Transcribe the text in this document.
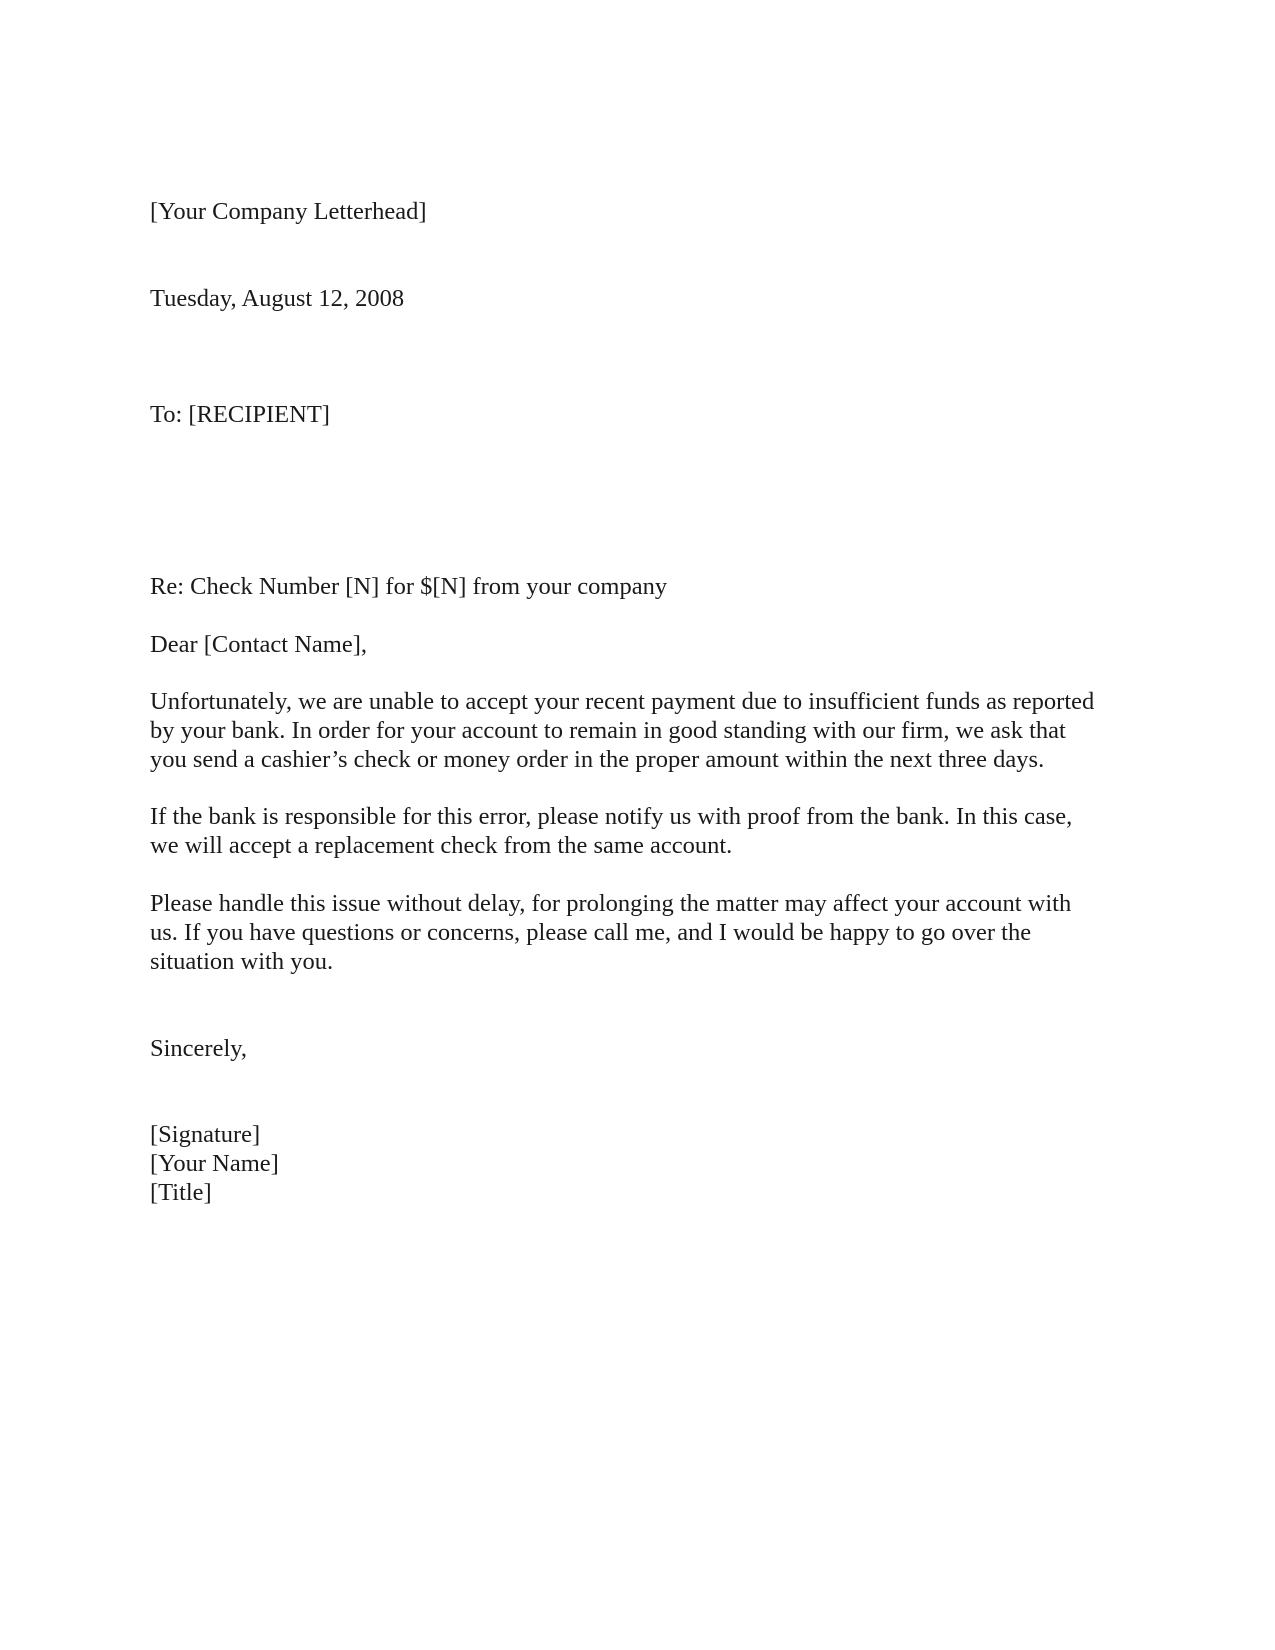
[Your Company Letterhead]
Tuesday, August 12, 2008
To: [RECIPIENT]
Re: Check Number [N] for $[N] from your company
Dear [Contact Name],
Unfortunately, we are unable to accept your recent payment due to insufficient funds as reported
by your bank. In order for your account to remain in good standing with our firm, we ask that
you send a cashier’s check or money order in the proper amount within the next three days.
If the bank is responsible for this error, please notify us with proof from the bank. In this case,
we will accept a replacement check from the same account.
Please handle this issue without delay, for prolonging the matter may affect your account with
us. If you have questions or concerns, please call me, and I would be happy to go over the
situation with you.
Sincerely,
[Signature]
[Your Name]
[Title]
